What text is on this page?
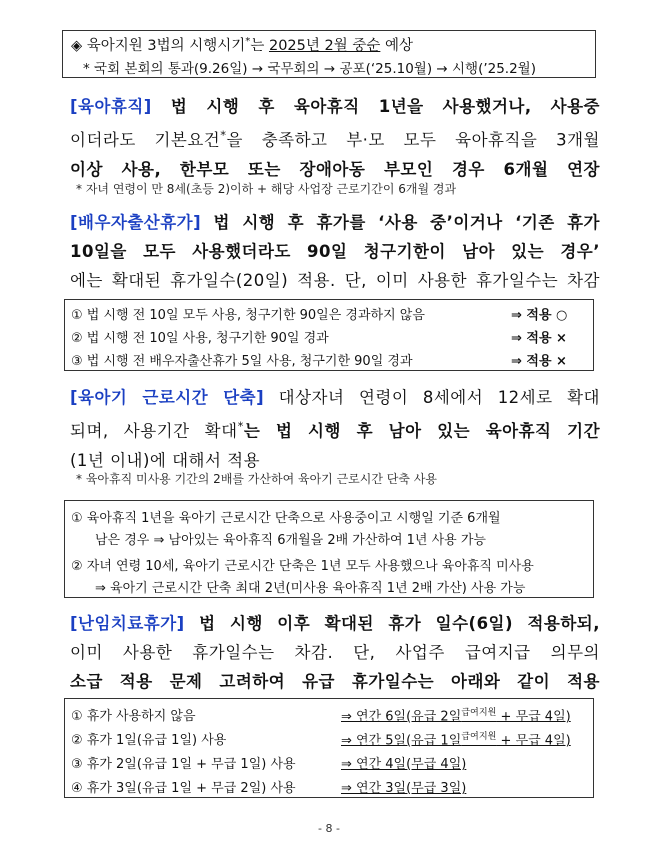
◈ 육아지원 3법의 시행시기*는 2025년 2월 중순 예상
* 국회 본회의 통과(9.26일) → 국무회의 → 공포(‘25.10월) → 시행(’25.2월)
[육아휴직] 법 시행 후 육아휴직 1년을 사용했거나, 사용중
이더라도 기본요건*을 충족하고 부·모 모두 육아휴직을 3개월
이상 사용, 한부모 또는 장애아동 부모인 경우 6개월 연장
* 자녀 연령이 만 8세(초등 2)이하 + 해당 사업장 근로기간이 6개월 경과
[배우자출산휴가] 법 시행 후 휴가를 ‘사용 중’이거나 ‘기존 휴가
10일을 모두 사용했더라도 90일 청구기한이 남아 있는 경우’
에는 확대된 휴가일수(20일) 적용. 단, 이미 사용한 휴가일수는 차감
① 법 시행 전 10일 모두 사용, 청구기한 90일은 경과하지 않음	⇒ 적용 ○
② 법 시행 전 10일 사용, 청구기한 90일 경과	⇒ 적용 ×
③ 법 시행 전 배우자출산휴가 5일 사용, 청구기한 90일 경과	⇒ 적용 ×
[육아기 근로시간 단축] 대상자녀 연령이 8세에서 12세로 확대
되며, 사용기간 확대*는 법 시행 후 남아 있는 육아휴직 기간
(1년 이내)에 대해서 적용
* 육아휴직 미사용 기간의 2배를 가산하여 육아기 근로시간 단축 사용
① 육아휴직 1년을 육아기 근로시간 단축으로 사용중이고 시행일 기준 6개월
남은 경우 ⇒ 남아있는 육아휴직 6개월을 2배 가산하여 1년 사용 가능
② 자녀 연령 10세, 육아기 근로시간 단축은 1년 모두 사용했으나 육아휴직 미사용
⇒ 육아기 근로시간 단축 최대 2년(미사용 육아휴직 1년 2배 가산) 사용 가능
[난임치료휴가] 법 시행 이후 확대된 휴가 일수(6일) 적용하되,
이미 사용한 휴가일수는 차감. 단, 사업주 급여지급 의무의
소급 적용 문제 고려하여 유급 휴가일수는 아래와 같이 적용
① 휴가 사용하지 않음	⇒ 연간 6일(유급 2일$^{급여지원}$ + 무급 4일)
② 휴가 1일(유급 1일) 사용	⇒ 연간 5일(유급 1일$^{급여지원}$ + 무급 4일)
③ 휴가 2일(유급 1일 + 무급 1일) 사용	⇒ 연간 4일(무급 4일)
④ 휴가 3일(유급 1일 + 무급 2일) 사용	⇒ 연간 3일(무급 3일)
- 8 -
